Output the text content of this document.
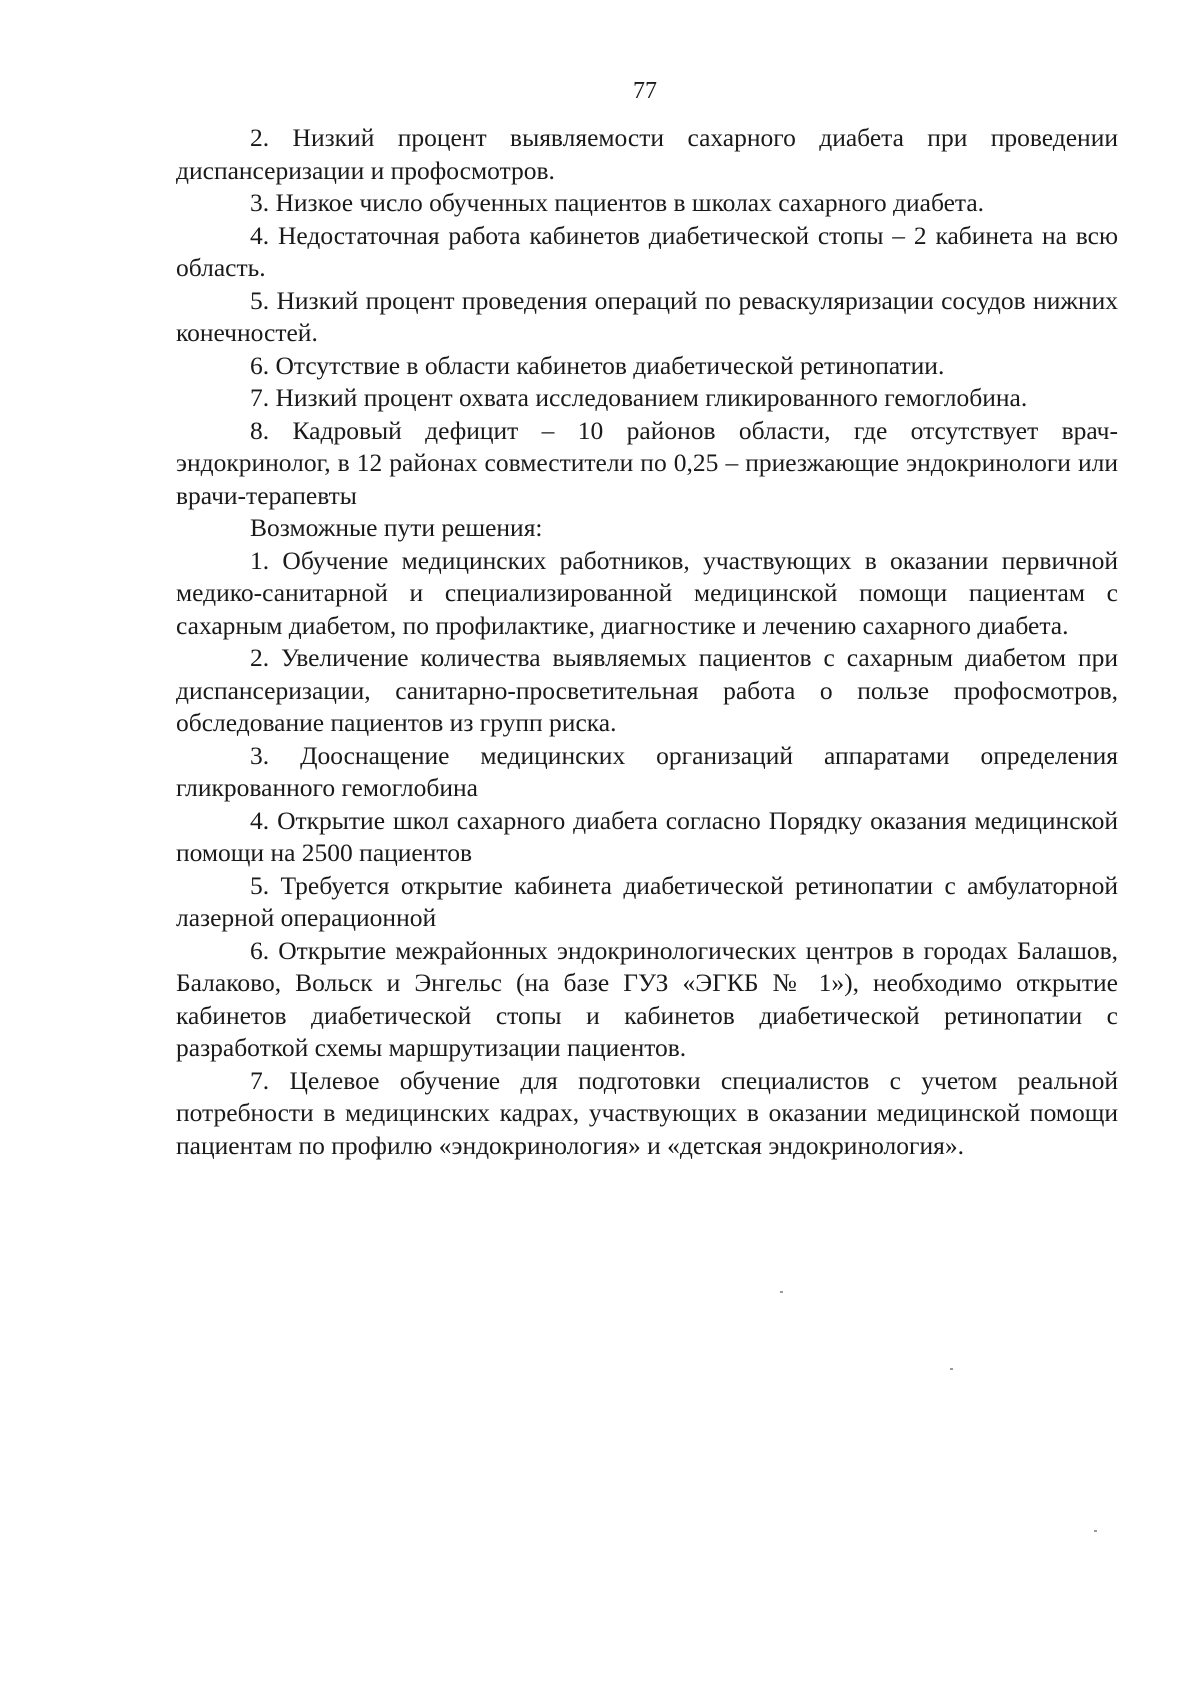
77

2. Низкий процент выявляемости сахарного диабета при проведении диспансеризации и профосмотров.

3. Низкое число обученных пациентов в школах сахарного диабета.

4. Недостаточная работа кабинетов диабетической стопы – 2 кабинета на всю область.

5. Низкий процент проведения операций по реваскуляризации сосудов нижних конечностей.

6. Отсутствие в области кабинетов диабетической ретинопатии.

7. Низкий процент охвата исследованием гликированного гемоглобина.

8. Кадровый дефицит – 10 районов области, где отсутствует врач-эндокринолог, в 12 районах совместители по 0,25 – приезжающие эндокринологи или врачи-терапевты

Возможные пути решения:

1. Обучение медицинских работников, участвующих в оказании первичной медико-санитарной и специализированной медицинской помощи пациентам с сахарным диабетом, по профилактике, диагностике и лечению сахарного диабета.

2. Увеличение количества выявляемых пациентов с сахарным диабетом при диспансеризации, санитарно-просветительная работа о пользе профосмотров, обследование пациентов из групп риска.

3. Дооснащение медицинских организаций аппаратами определения гликрованного гемоглобина

4. Открытие школ сахарного диабета согласно Порядку оказания медицинской помощи на 2500 пациентов

5. Требуется открытие кабинета диабетической ретинопатии с амбулаторной лазерной операционной

6. Открытие межрайонных эндокринологических центров в городах Балашов, Балаково, Вольск и Энгельс (на базе ГУЗ «ЭГКБ № 1»), необходимо открытие кабинетов диабетической стопы и кабинетов диабетической ретинопатии с разработкой схемы маршрутизации пациентов.

7. Целевое обучение для подготовки специалистов с учетом реальной потребности в медицинских кадрах, участвующих в оказании медицинской помощи пациентам по профилю «эндокринология» и «детская эндокринология».
